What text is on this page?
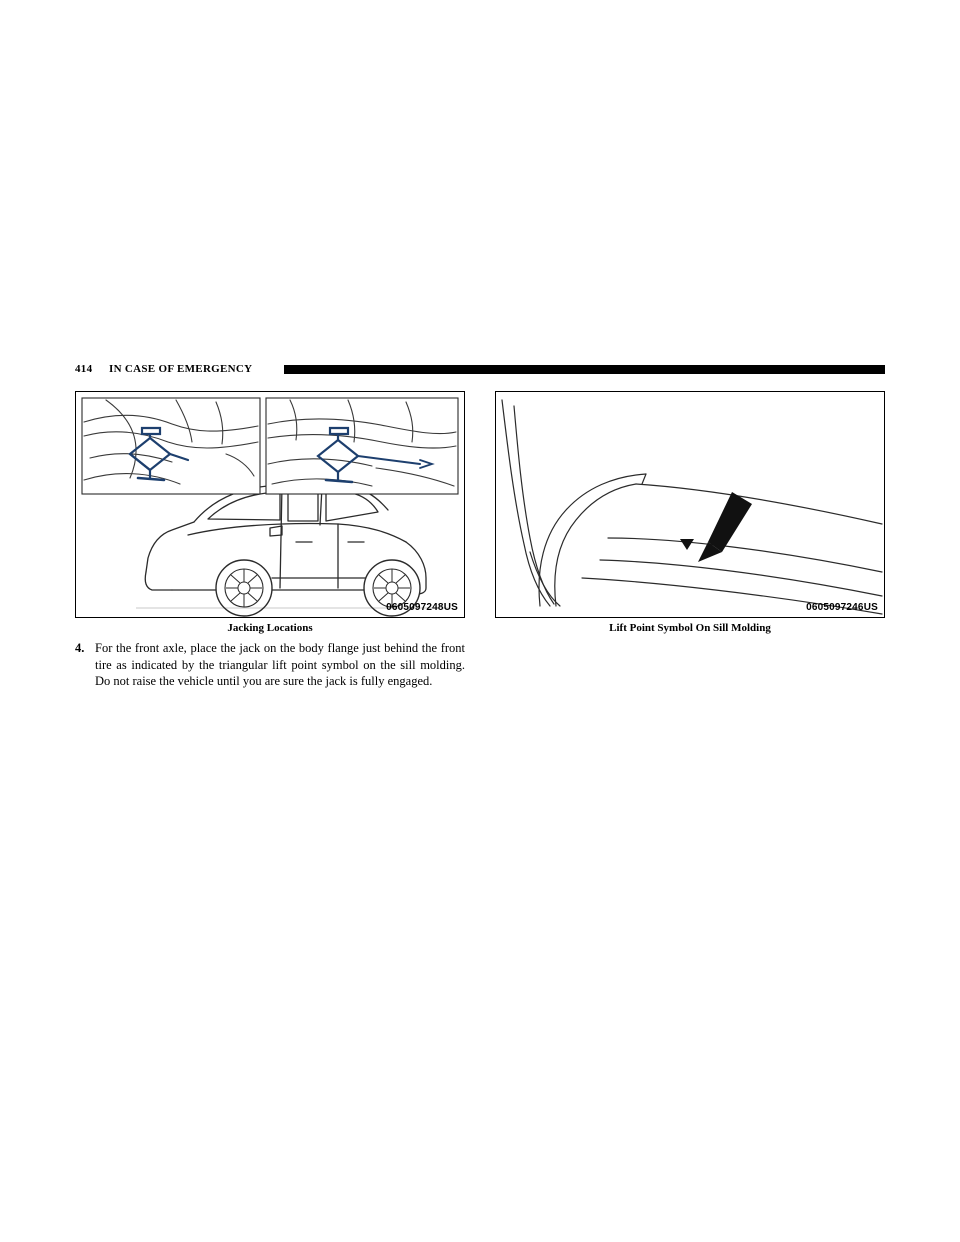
414 IN CASE OF EMERGENCY
0605097248US
Jacking Locations
0605097246US
Lift Point Symbol On Sill Molding
4. For the front axle, place the jack on the body flange just behind the front tire as indicated by the triangular lift point symbol on the sill molding. Do not raise the vehicle until you are sure the jack is fully engaged.
carmanualsonline.info
